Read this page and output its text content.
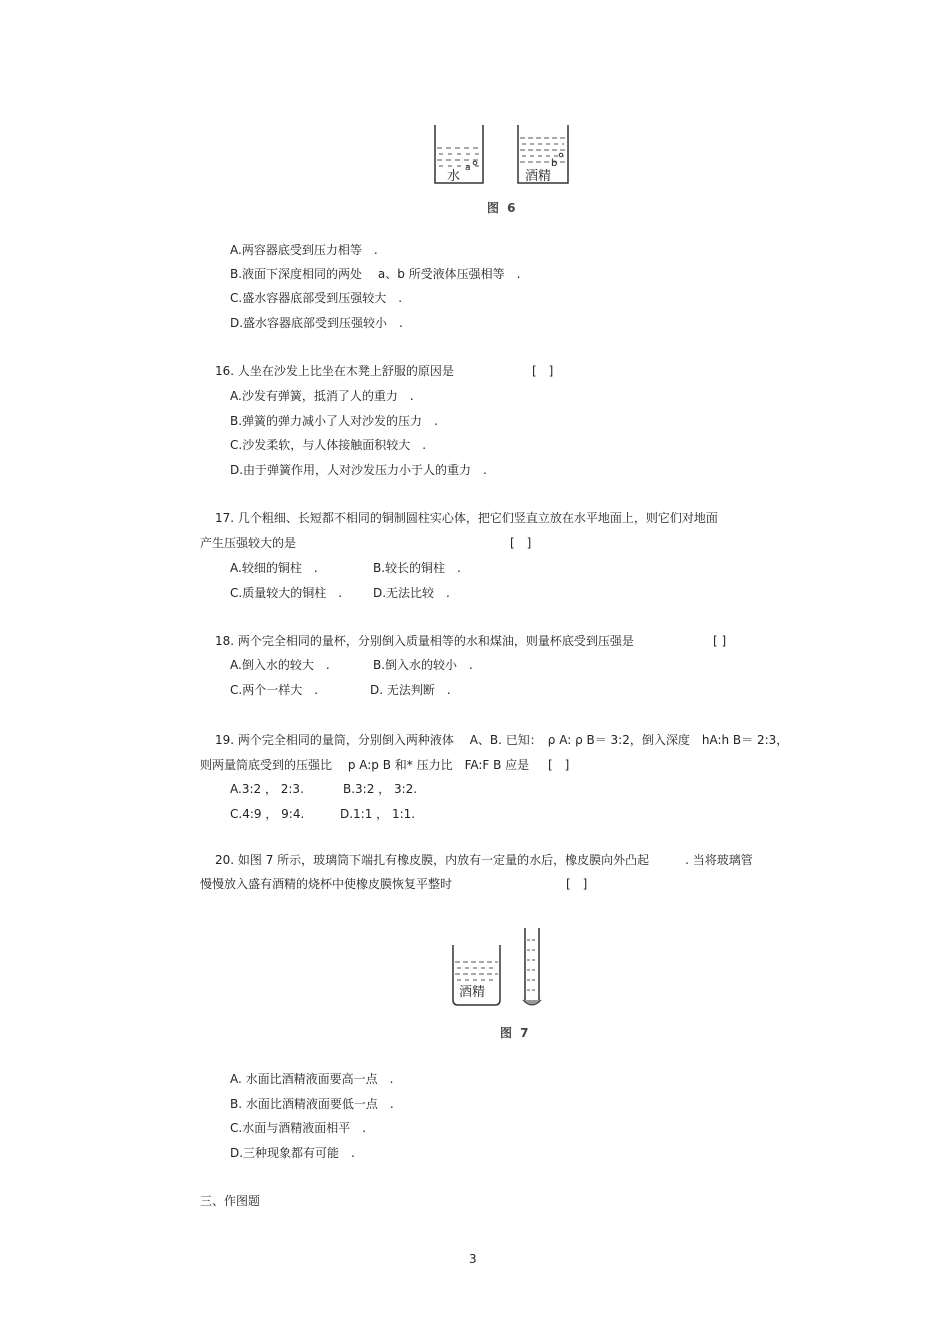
水
a	b
酒精
图 6
A.两容器底受到压力相等　.
B.液面下深度相同的两处　 a、b 所受液体压强相等　.
C.盛水容器底部受到压强较大　.
D.盛水容器底部受到压强较小　.
16. 人坐在沙发上比坐在木凳上舒服的原因是	[　]
A.沙发有弹簧，抵消了人的重力　.
B.弹簧的弹力减小了人对沙发的压力　.
C.沙发柔软，与人体接触面积较大　.
D.由于弹簧作用，人对沙发压力小于人的重力　.
17. 几个粗细、长短都不相同的铜制圆柱实心体，把它们竖直立放在水平地面上，则它们对地面
产生压强较大的是	[　]
A.较细的铜柱　.	B.较长的铜柱　.
C.质量较大的铜柱　.	D.无法比较　.
18. 两个完全相同的量杯，分别倒入质量相等的水和煤油，则量杯底受到压强是	[ ]
A.倒入水的较大　.	B.倒入水的较小　.
C.两个一样大　.	D. 无法判断　.
19. 两个完全相同的量筒，分别倒入两种液体　 A、B. 已知：　ρ A: ρ B＝ 3:2，倒入深度　hA:h B＝ 2:3，
则两量筒底受到的压强比　 p A:p B 和* 压力比　FA:F B 应是 [　]
A.3:2 ， 2:3.	B.3:2 ， 3:2.
C.4:9 ， 9:4.	D.1:1 ， 1:1.
20. 如图 7 所示，玻璃筒下端扎有橡皮膜，内放有一定量的水后，橡皮膜向外凸起　　　. 当将玻璃管
慢慢放入盛有酒精的烧杯中使橡皮膜恢复平整时	[　]
酒精
图 7
A. 水面比酒精液面要高一点　.
B. 水面比酒精液面要低一点　.
C.水面与酒精液面相平　.
D.三种现象都有可能　.
三、作图题
3
